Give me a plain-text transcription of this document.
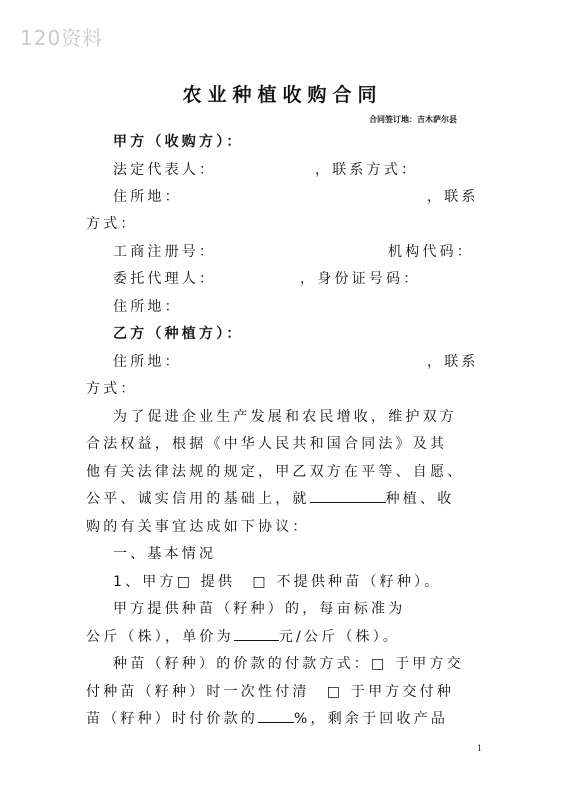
120资料
农业种植收购合同
合同签订地：吉木萨尔县
甲方（收购方）：
法定代表人：	，联系方式：
住所地：	，联系
方式：
工商注册号：	机构代码：
委托代理人：	，身份证号码：
住所地：
乙方（种植方）：
住所地：	，联系
方式：
为了促进企业生产发展和农民增收，维护双方
合法权益，根据《中华人民共和国合同法》及其
他有关法律法规的规定，甲乙双方在平等、自愿、
公平、诚实信用的基础上，就	种植、收
购的有关事宜达成如下协议：
一、基本情况
1、甲方□ 提供　□ 不提供种苗（籽种）。
甲方提供种苗（籽种）的，每亩标准为
公斤（株），单价为	元/公斤（株）。
种苗（籽种）的价款的付款方式：□ 于甲方交
付种苗（籽种）时一次性付清　□ 于甲方交付种
苗（籽种）时付价款的	%，剩余于回收产品
1
